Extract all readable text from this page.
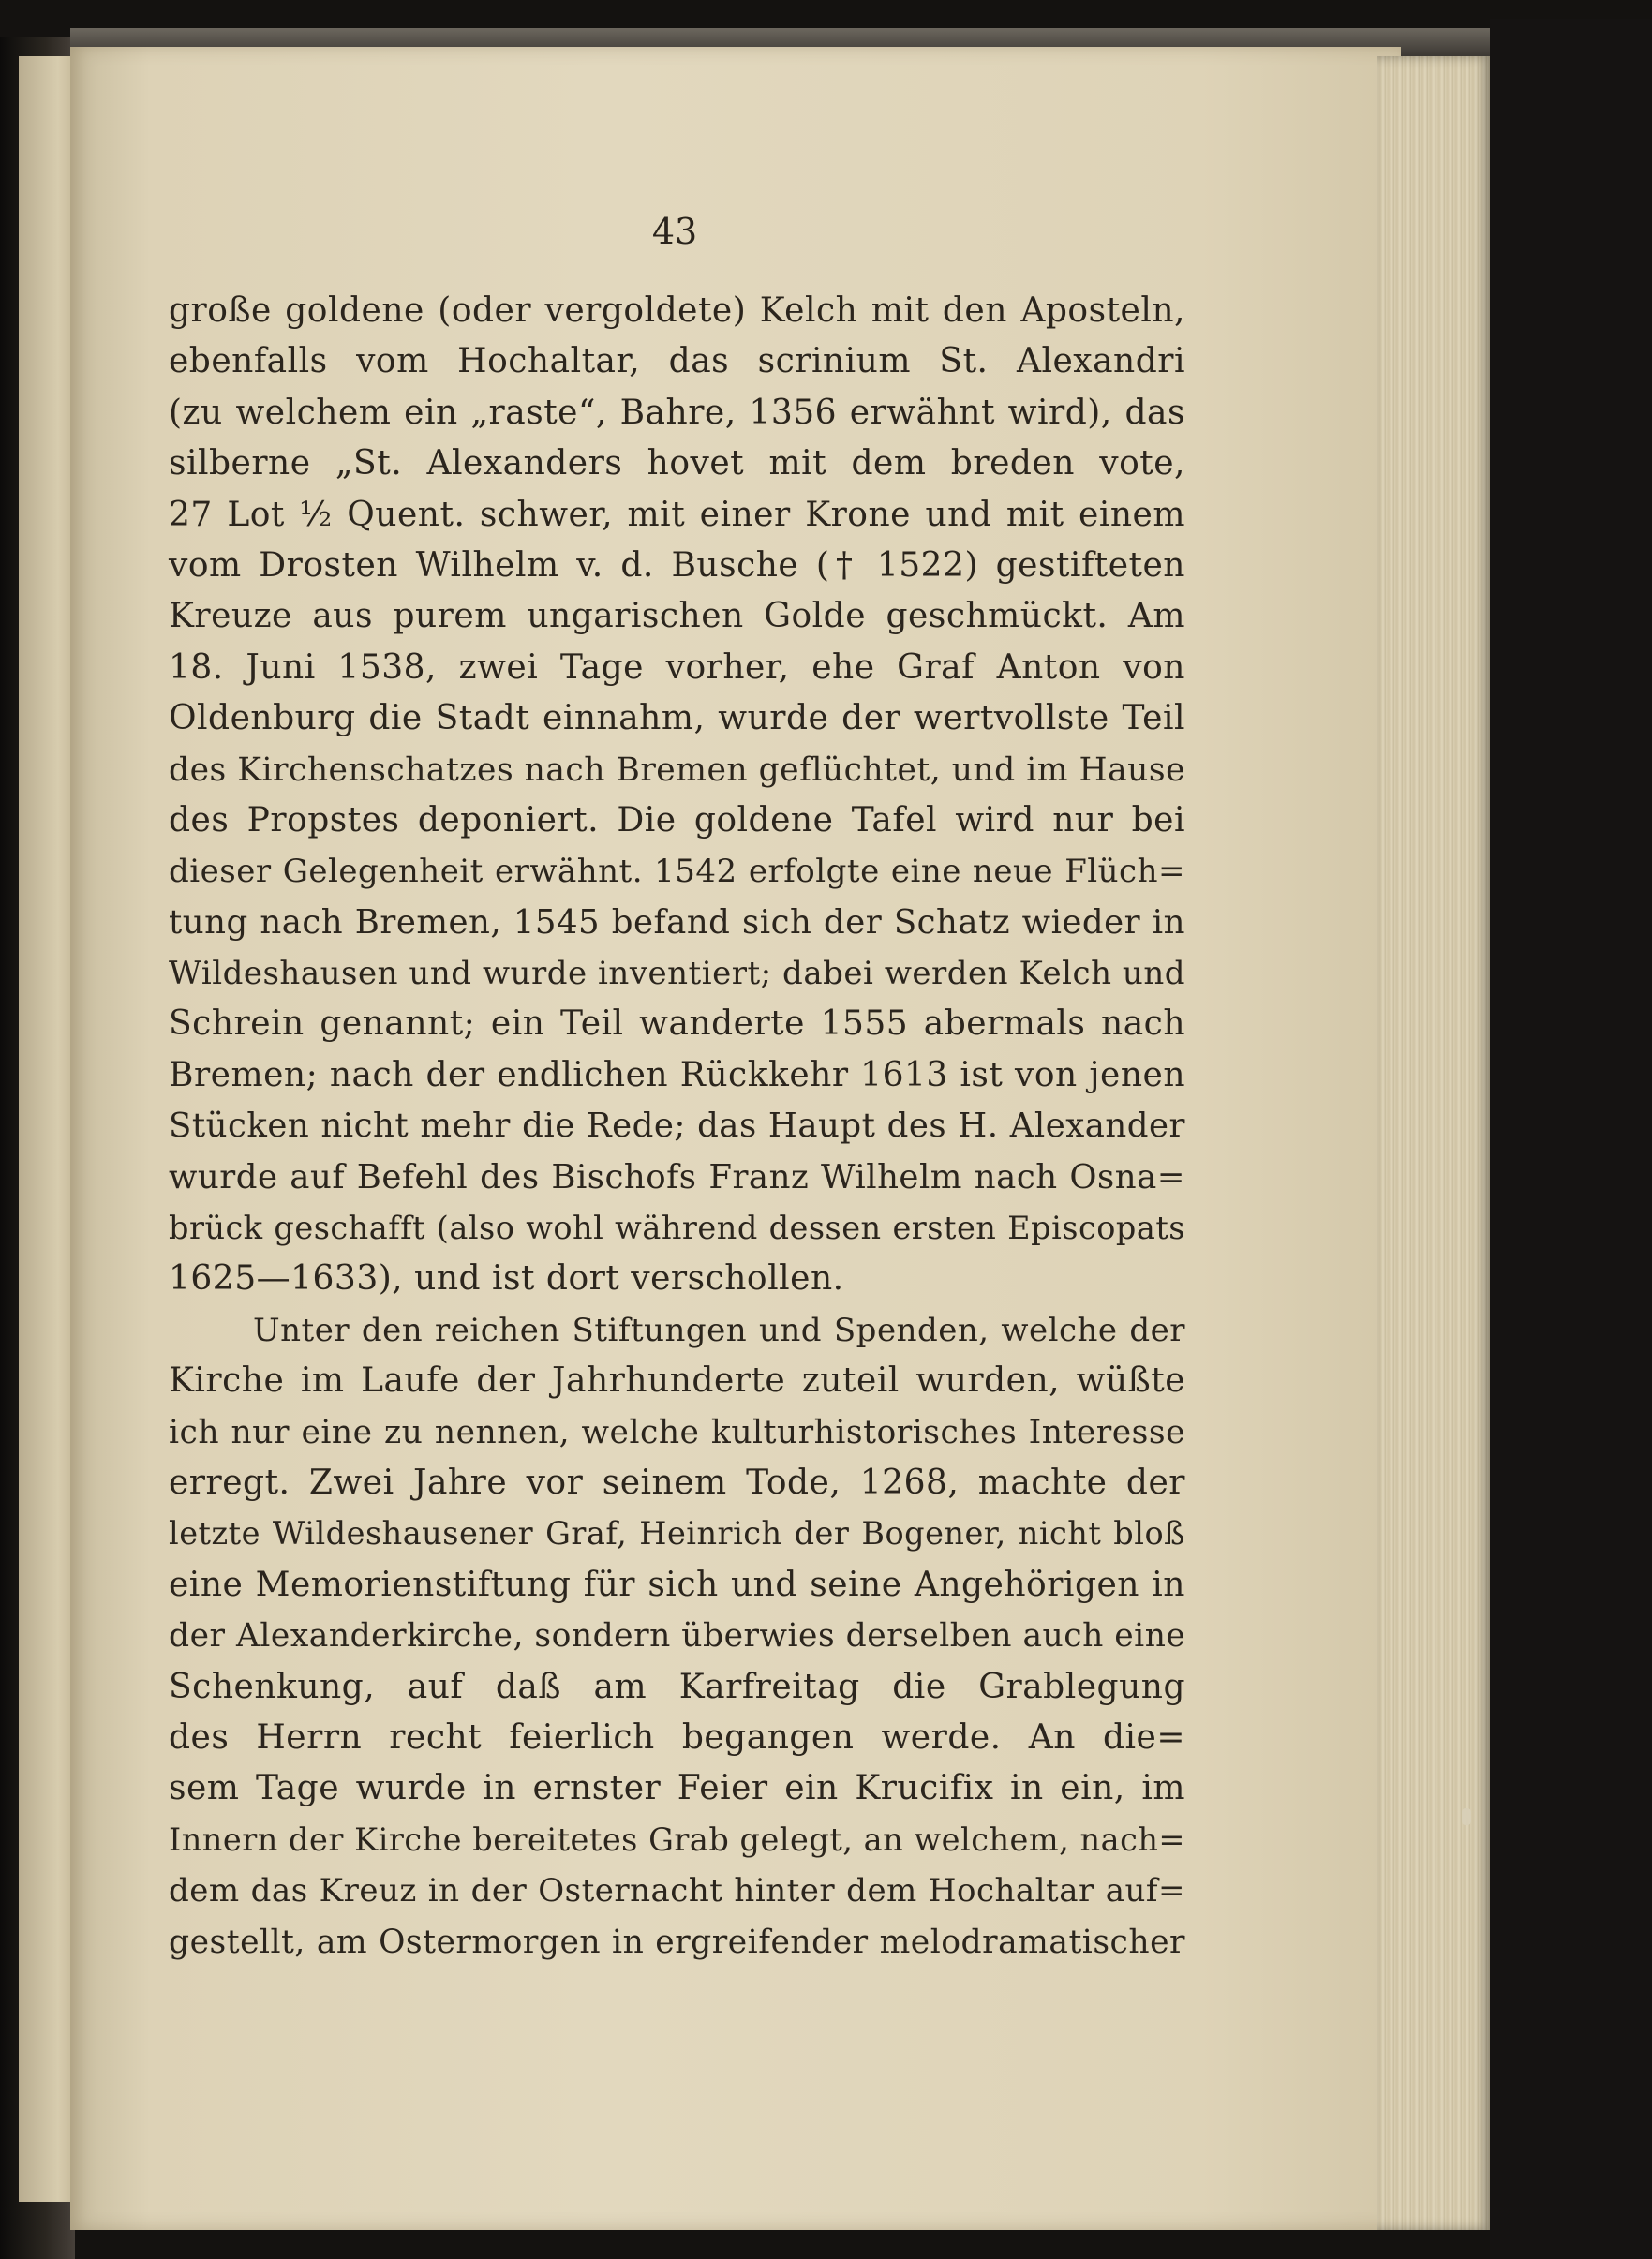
43
große goldene (oder vergoldete) Kelch mit den Aposteln,
ebenfalls vom Hochaltar, das scrinium St. Alexandri
(zu welchem ein „raste“, Bahre, 1356 erwähnt wird), das
silberne „St. Alexanders hovet mit dem breden vote,
27 Lot ½ Quent. schwer, mit einer Krone und mit einem
vom Drosten Wilhelm v. d. Busche († 1522) gestifteten
Kreuze aus purem ungarischen Golde geschmückt. Am
18. Juni 1538, zwei Tage vorher, ehe Graf Anton von
Oldenburg die Stadt einnahm, wurde der wertvollste Teil
des Kirchenschatzes nach Bremen geflüchtet, und im Hause
des Propstes deponiert. Die goldene Tafel wird nur bei
dieser Gelegenheit erwähnt. 1542 erfolgte eine neue Flüch=
tung nach Bremen, 1545 befand sich der Schatz wieder in
Wildeshausen und wurde inventiert; dabei werden Kelch und
Schrein genannt; ein Teil wanderte 1555 abermals nach
Bremen; nach der endlichen Rückkehr 1613 ist von jenen
Stücken nicht mehr die Rede; das Haupt des H. Alexander
wurde auf Befehl des Bischofs Franz Wilhelm nach Osna=
brück geschafft (also wohl während dessen ersten Episcopats
1625—1633), und ist dort verschollen.
Unter den reichen Stiftungen und Spenden, welche der
Kirche im Laufe der Jahrhunderte zuteil wurden, wüßte
ich nur eine zu nennen, welche kulturhistorisches Interesse
erregt. Zwei Jahre vor seinem Tode, 1268, machte der
letzte Wildeshausener Graf, Heinrich der Bogener, nicht bloß
eine Memorienstiftung für sich und seine Angehörigen in
der Alexanderkirche, sondern überwies derselben auch eine
Schenkung, auf daß am Karfreitag die Grablegung
des Herrn recht feierlich begangen werde. An die=
sem Tage wurde in ernster Feier ein Krucifix in ein, im
Innern der Kirche bereitetes Grab gelegt, an welchem, nach=
dem das Kreuz in der Osternacht hinter dem Hochaltar auf=
gestellt, am Ostermorgen in ergreifender melodramatischer
